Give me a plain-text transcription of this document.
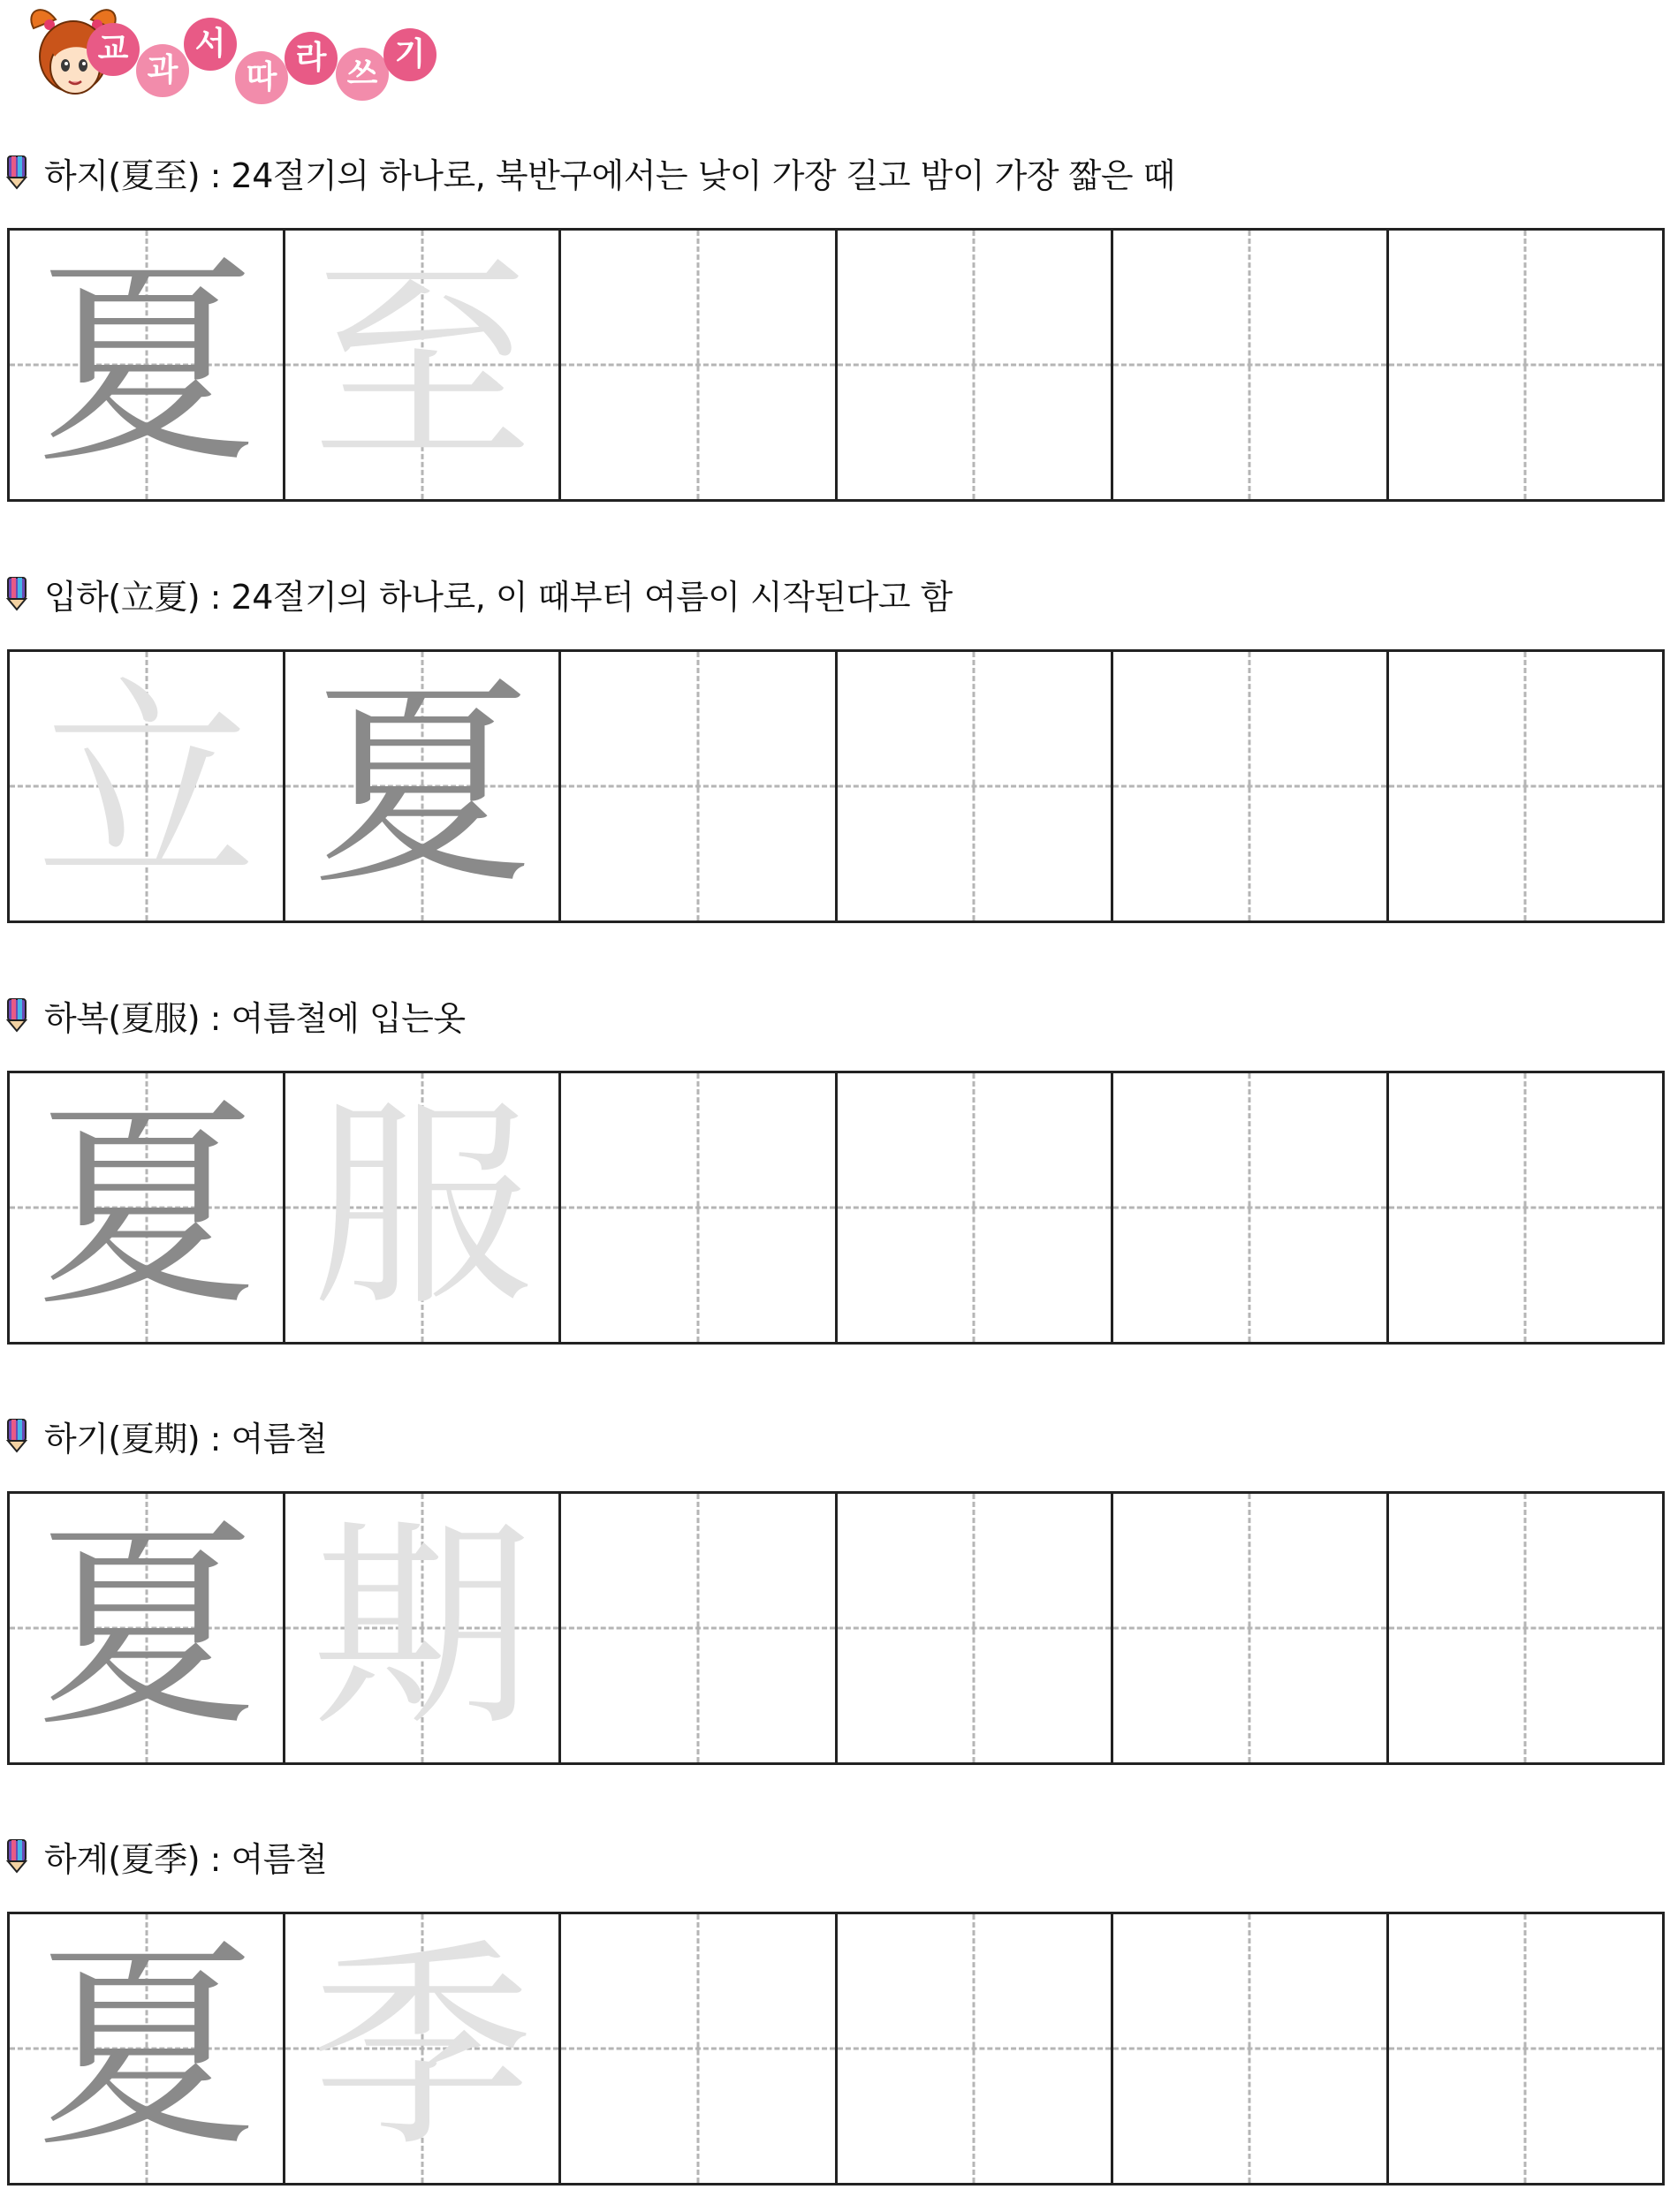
교
과
서
따
라 쓰
기
하지(夏至) : 24절기의 하나로, 북반구에서는 낮이 가장 길고 밤이 가장 짧은 때
夏 至
입하(立夏) : 24절기의 하나로, 이 때부터 여름이 시작된다고 함
立 夏
하복(夏服) : 여름철에 입는옷
夏 服
하기(夏期) : 여름철
夏 期
하계(夏季) : 여름철
夏 季
